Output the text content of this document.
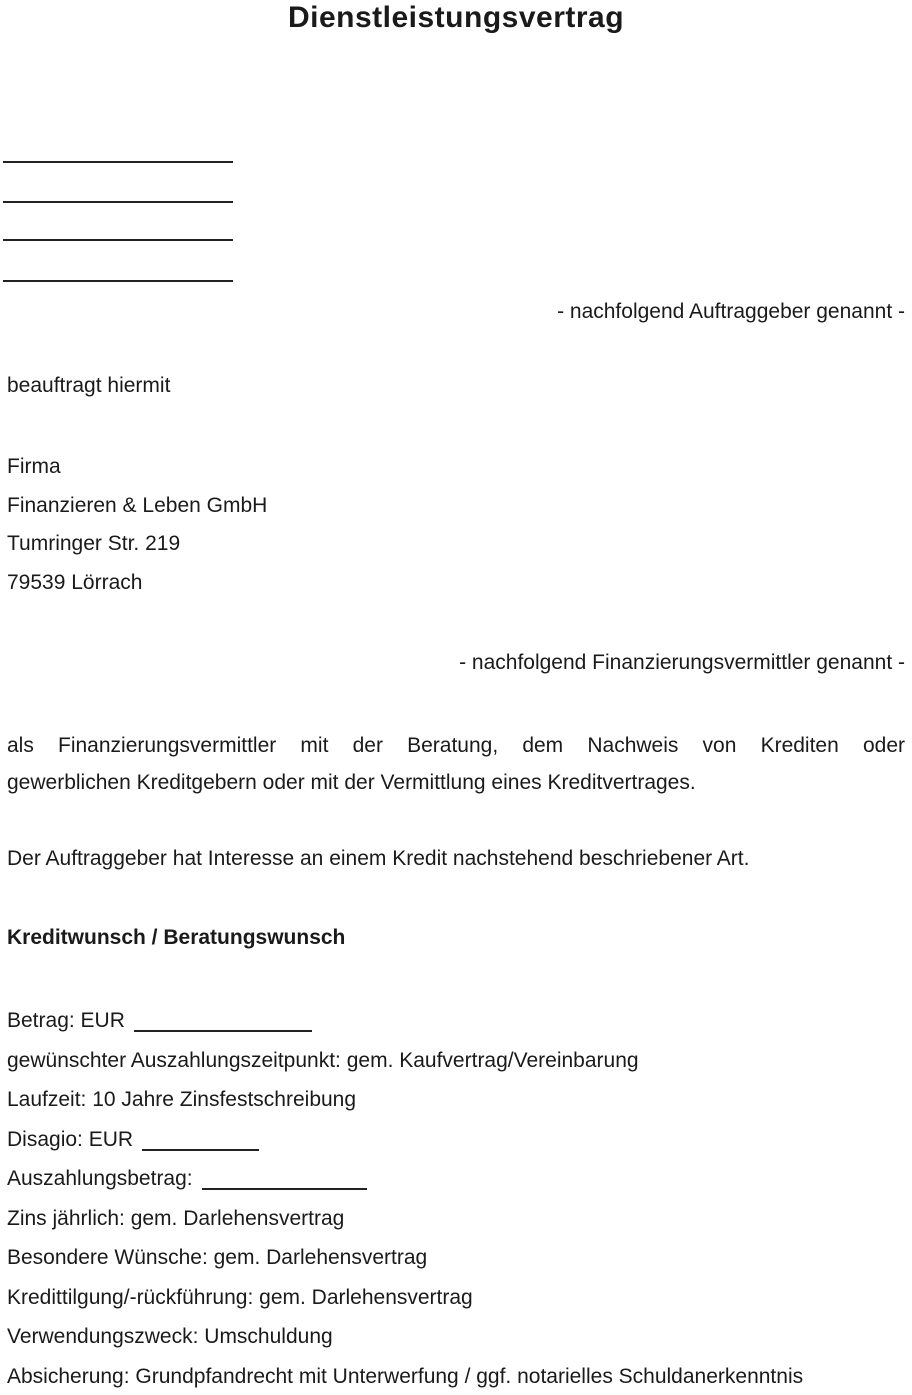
Dienstleistungsvertrag
- nachfolgend Auftraggeber genannt -
beauftragt hiermit
Firma
Finanzieren & Leben GmbH
Tumringer Str. 219
79539 Lörrach
- nachfolgend Finanzierungsvermittler genannt -
als Finanzierungsvermittler mit der Beratung, dem Nachweis von Krediten oder
gewerblichen Kreditgebern oder mit der Vermittlung eines Kreditvertrages.
Der Auftraggeber hat Interesse an einem Kredit nachstehend beschriebener Art.
Kreditwunsch / Beratungswunsch
Betrag: EUR
gewünschter Auszahlungszeitpunkt: gem. Kaufvertrag/Vereinbarung
Laufzeit: 10 Jahre Zinsfestschreibung
Disagio: EUR
Auszahlungsbetrag:
Zins jährlich: gem. Darlehensvertrag
Besondere Wünsche: gem. Darlehensvertrag
Kredittilgung/-rückführung: gem. Darlehensvertrag
Verwendungszweck: Umschuldung
Absicherung: Grundpfandrecht mit Unterwerfung / ggf. notarielles Schuldanerkenntnis
